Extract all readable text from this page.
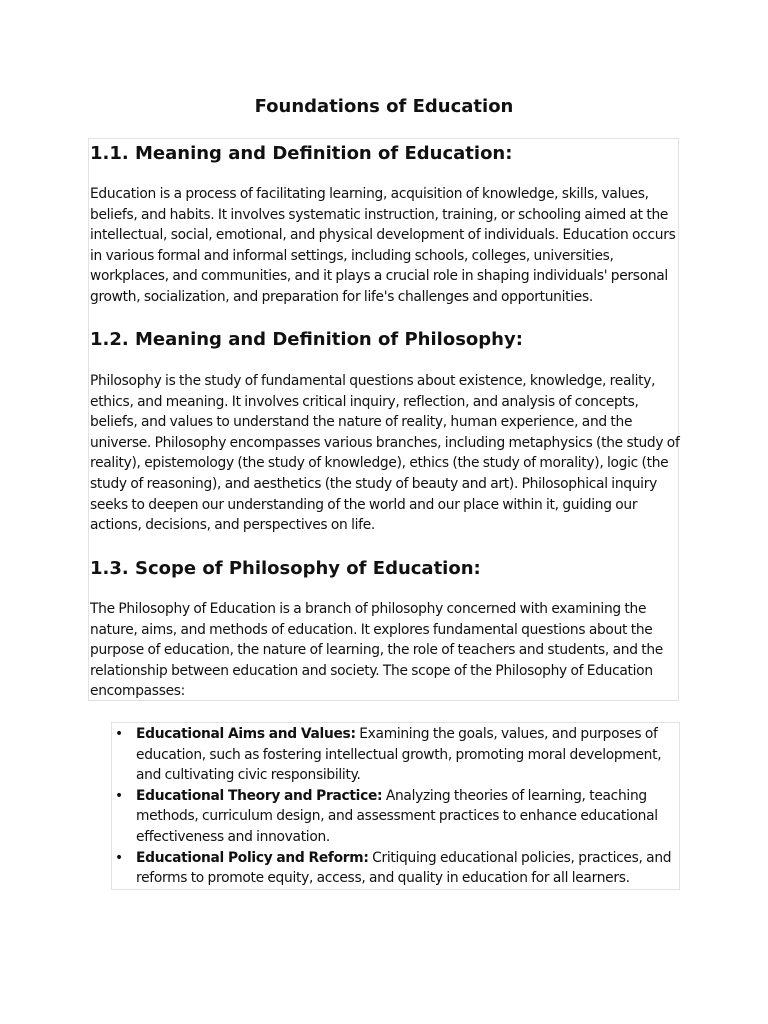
Foundations of Education
1.1. Meaning and Definition of Education:

Education is a process of facilitating learning, acquisition of knowledge, skills, values, beliefs, and habits. It involves systematic instruction, training, or schooling aimed at the intellectual, social, emotional, and physical development of individuals. Education occurs in various formal and informal settings, including schools, colleges, universities, workplaces, and communities, and it plays a crucial role in shaping individuals' personal growth, socialization, and preparation for life's challenges and opportunities.

1.2. Meaning and Definition of Philosophy:

Philosophy is the study of fundamental questions about existence, knowledge, reality, ethics, and meaning. It involves critical inquiry, reflection, and analysis of concepts, beliefs, and values to understand the nature of reality, human experience, and the universe. Philosophy encompasses various branches, including metaphysics (the study of reality), epistemology (the study of knowledge), ethics (the study of morality), logic (the study of reasoning), and aesthetics (the study of beauty and art). Philosophical inquiry seeks to deepen our understanding of the world and our place within it, guiding our actions, decisions, and perspectives on life.

1.3. Scope of Philosophy of Education:

The Philosophy of Education is a branch of philosophy concerned with examining the nature, aims, and methods of education. It explores fundamental questions about the purpose of education, the nature of learning, the role of teachers and students, and the relationship between education and society. The scope of the Philosophy of Education encompasses:

• Educational Aims and Values: Examining the goals, values, and purposes of education, such as fostering intellectual growth, promoting moral development, and cultivating civic responsibility.
• Educational Theory and Practice: Analyzing theories of learning, teaching methods, curriculum design, and assessment practices to enhance educational effectiveness and innovation.
• Educational Policy and Reform: Critiquing educational policies, practices, and reforms to promote equity, access, and quality in education for all learners.
